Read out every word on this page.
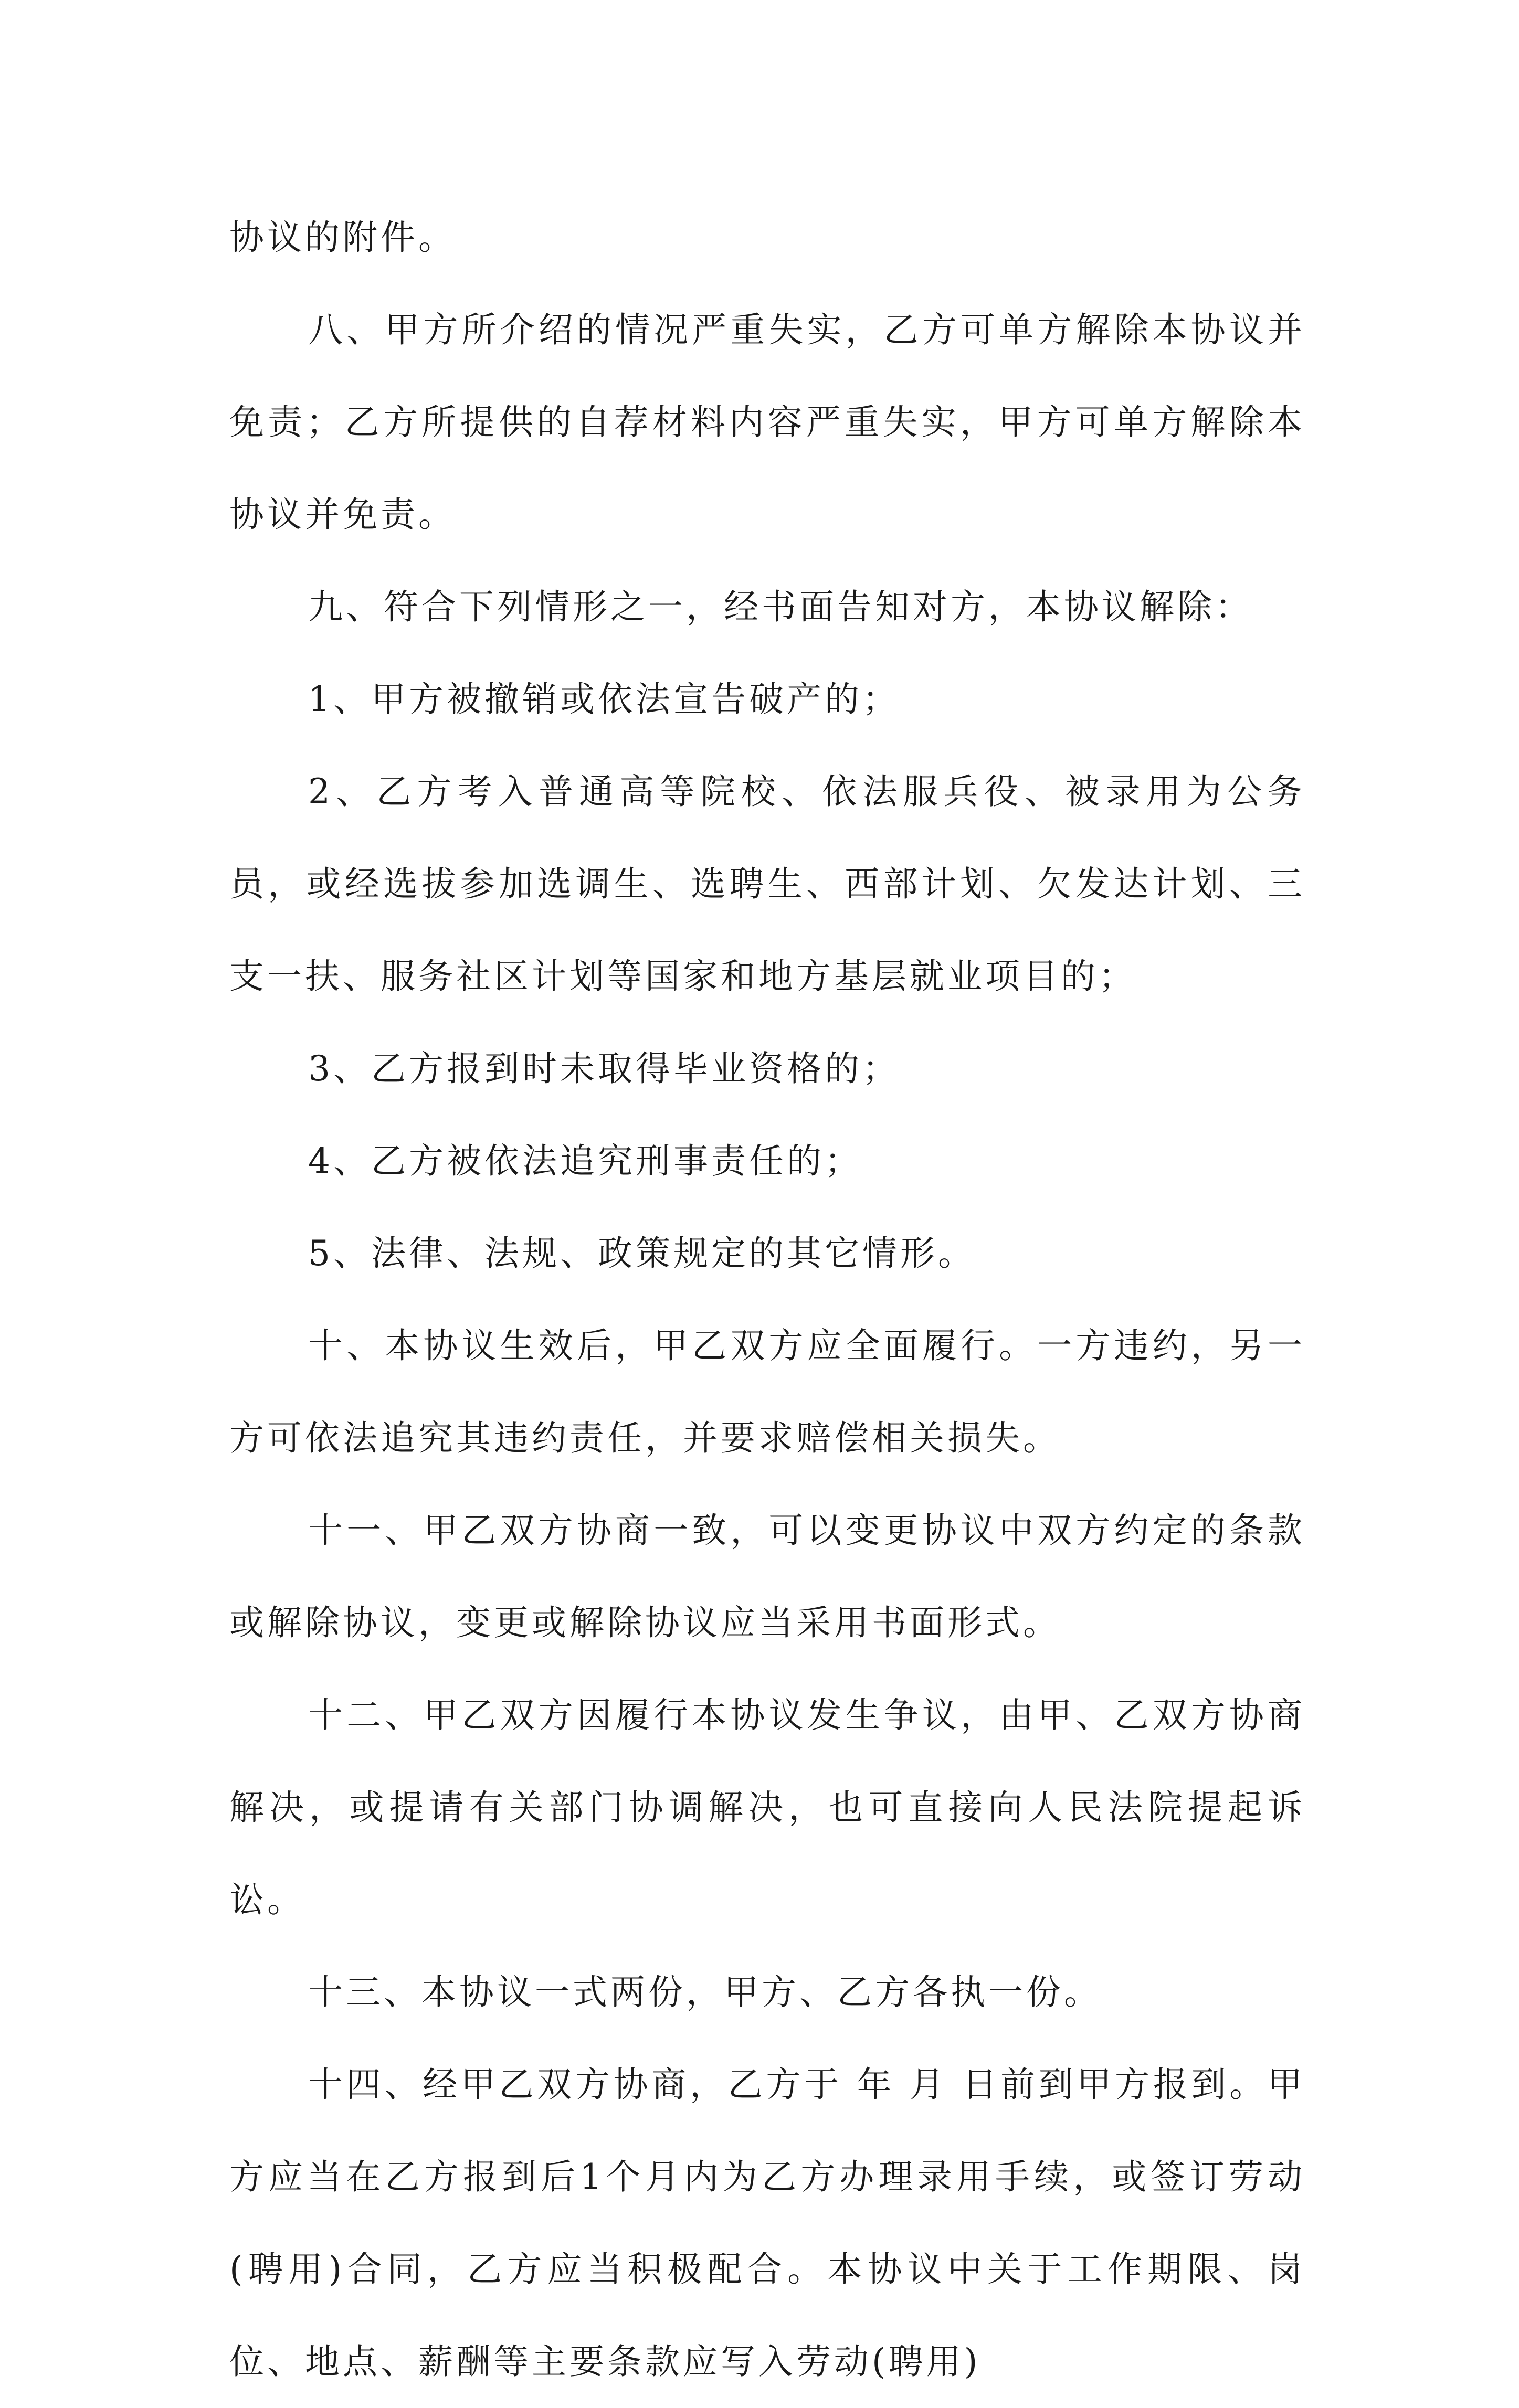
协议的附件。

八、甲方所介绍的情况严重失实，乙方可单方解除本协议并免责；乙方所提供的自荐材料内容严重失实，甲方可单方解除本协议并免责。

九、符合下列情形之一，经书面告知对方，本协议解除：

1、甲方被撤销或依法宣告破产的；

2、乙方考入普通高等院校、依法服兵役、被录用为公务员，或经选拔参加选调生、选聘生、西部计划、欠发达计划、三支一扶、服务社区计划等国家和地方基层就业项目的；

3、乙方报到时未取得毕业资格的；

4、乙方被依法追究刑事责任的；

5、法律、法规、政策规定的其它情形。

十、本协议生效后，甲乙双方应全面履行。一方违约，另一方可依法追究其违约责任，并要求赔偿相关损失。

十一、甲乙双方协商一致，可以变更协议中双方约定的条款或解除协议，变更或解除协议应当采用书面形式。

十二、甲乙双方因履行本协议发生争议，由甲、乙双方协商解决，或提请有关部门协调解决，也可直接向人民法院提起诉讼。

十三、本协议一式两份，甲方、乙方各执一份。

十四、经甲乙双方协商，乙方于 年 月 日前到甲方报到。甲方应当在乙方报到后1个月内为乙方办理录用手续，或签订劳动(聘用)合同，乙方应当积极配合。本协议中关于工作期限、岗位、地点、薪酬等主要条款应写入劳动(聘用)
